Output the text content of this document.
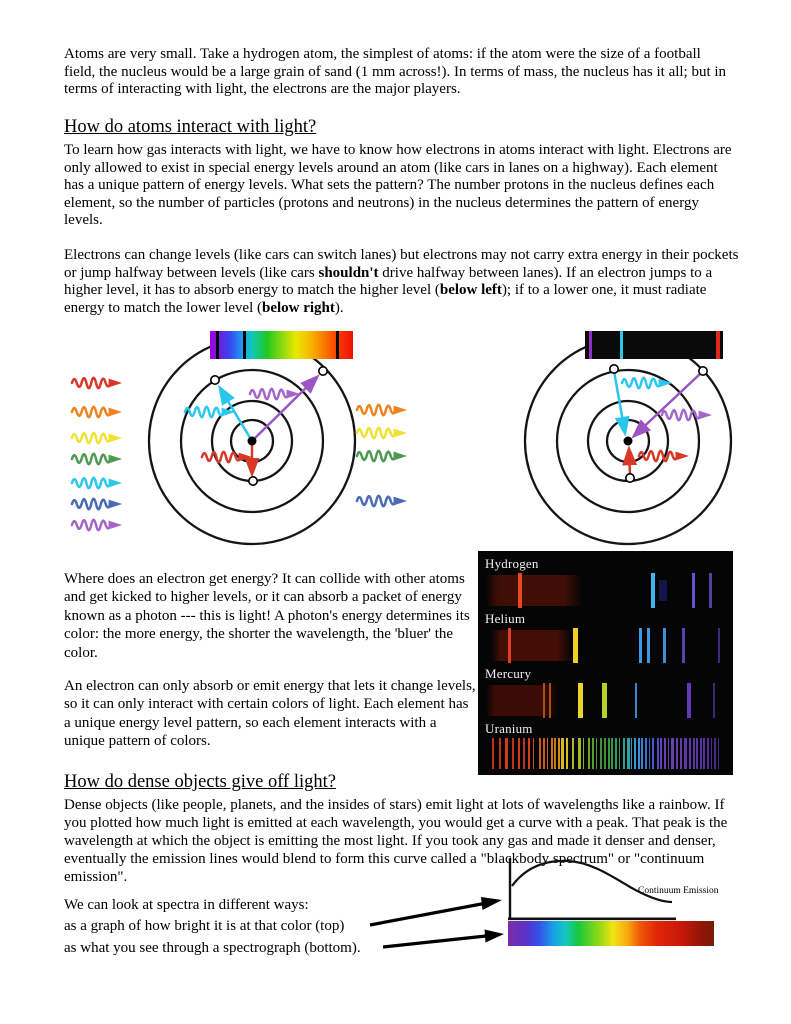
Atoms are very small. Take a hydrogen atom, the simplest of atoms: if the atom were the size of a football field, the nucleus would be a large grain of sand (1 mm across!). In terms of mass, the nucleus has it all; but in terms of interacting with light, the electrons are the major players.
How do atoms interact with light?
To learn how gas interacts with light, we have to know how electrons in atoms interact with light. Electrons are only allowed to exist in special energy levels around an atom (like cars in lanes on a highway). Each element has a unique pattern of energy levels. What sets the pattern? The number protons in the nucleus defines each element, so the number of particles (protons and neutrons) in the nucleus determines the pattern of energy levels.
Electrons can change levels (like cars can switch lanes) but electrons may not carry extra energy in their pockets or jump halfway between levels (like cars shouldn't drive halfway between lanes). If an electron jumps to a higher level, it has to absorb energy to match the higher level (below left); if to a lower one, it must radiate energy to match the lower level (below right).
Where does an electron get energy? It can collide with other atoms and get kicked to higher levels, or it can absorb a packet of energy known as a photon --- this is light! A photon's energy determines its color: the more energy, the shorter the wavelength, the 'bluer' the color.
An electron can only absorb or emit energy that lets it change levels, so it can only interact with certain colors of light. Each element has a unique energy level pattern, so each element interacts with a unique pattern of colors.
Hydrogen
Helium
Mercury
Uranium
How do dense objects give off light?
Dense objects (like people, planets, and the insides of stars) emit light at lots of wavelengths like a rainbow. If you plotted how much light is emitted at each wavelength, you would get a curve with a peak. That peak is the wavelength at which the object is emitting the most light. If you took any gas and made it denser and denser, eventually the emission lines would blend to form this curve called a "blackbody spectrum" or "continuum emission".
We can look at spectra in different ways:
as a graph of how bright it is at that color (top)
as what you see through a spectrograph (bottom).
Continuum Emission
